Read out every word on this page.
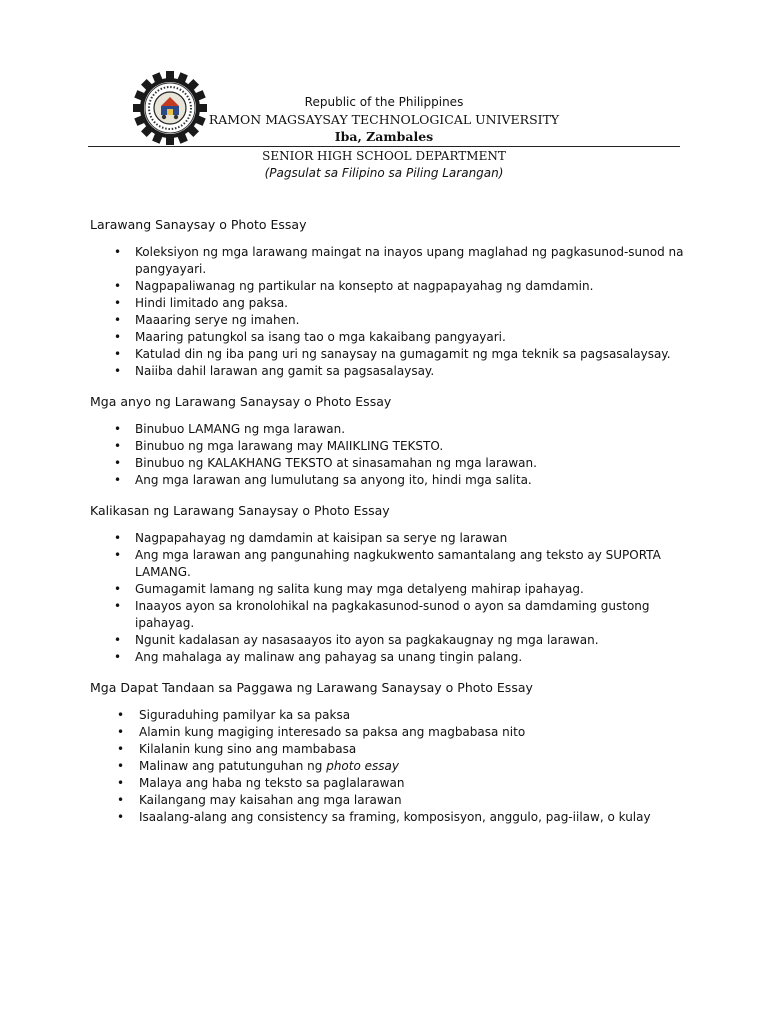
Republic of the Philippines
RAMON MAGSAYSAY TECHNOLOGICAL UNIVERSITY
Iba, Zambales
SENIOR HIGH SCHOOL DEPARTMENT
(Pagsulat sa Filipino sa Piling Larangan)
Larawang Sanaysay o Photo Essay
• Koleksiyon ng mga larawang maingat na inayos upang maglahad ng pagkasunod-sunod na pangyayari.
• Nagpapaliwanag ng partikular na konsepto at nagpapayahag ng damdamin.
• Hindi limitado ang paksa.
• Maaaring serye ng imahen.
• Maaring patungkol sa isang tao o mga kakaibang pangyayari.
• Katulad din ng iba pang uri ng sanaysay na gumagamit ng mga teknik sa pagsasalaysay.
• Naiiba dahil larawan ang gamit sa pagsasalaysay.
Mga anyo ng Larawang Sanaysay o Photo Essay
• Binubuo LAMANG ng mga larawan.
• Binubuo ng mga larawang may MAIIKLING TEKSTO.
• Binubuo ng KALAKHANG TEKSTO at sinasamahan ng mga larawan.
• Ang mga larawan ang lumulutang sa anyong ito, hindi mga salita.
Kalikasan ng Larawang Sanaysay o Photo Essay
• Nagpapahayag ng damdamin at kaisipan sa serye ng larawan
• Ang mga larawan ang pangunahing nagkukwento samantalang ang teksto ay SUPORTA LAMANG.
• Gumagamit lamang ng salita kung may mga detalyeng mahirap ipahayag.
• Inaayos ayon sa kronolohikal na pagkakasunod-sunod o ayon sa damdaming gustong ipahayag.
• Ngunit kadalasan ay nasasaayos ito ayon sa pagkakaugnay ng mga larawan.
• Ang mahalaga ay malinaw ang pahayag sa unang tingin palang.
Mga Dapat Tandaan sa Paggawa ng Larawang Sanaysay o Photo Essay
• Siguraduhing pamilyar ka sa paksa
• Alamin kung magiging interesado sa paksa ang magbabasa nito
• Kilalanin kung sino ang mambabasa
• Malinaw ang patutunguhan ng photo essay
• Malaya ang haba ng teksto sa paglalarawan
• Kailangang may kaisahan ang mga larawan
• Isaalang-alang ang consistency sa framing, komposisyon, anggulo, pag-iilaw, o kulay
